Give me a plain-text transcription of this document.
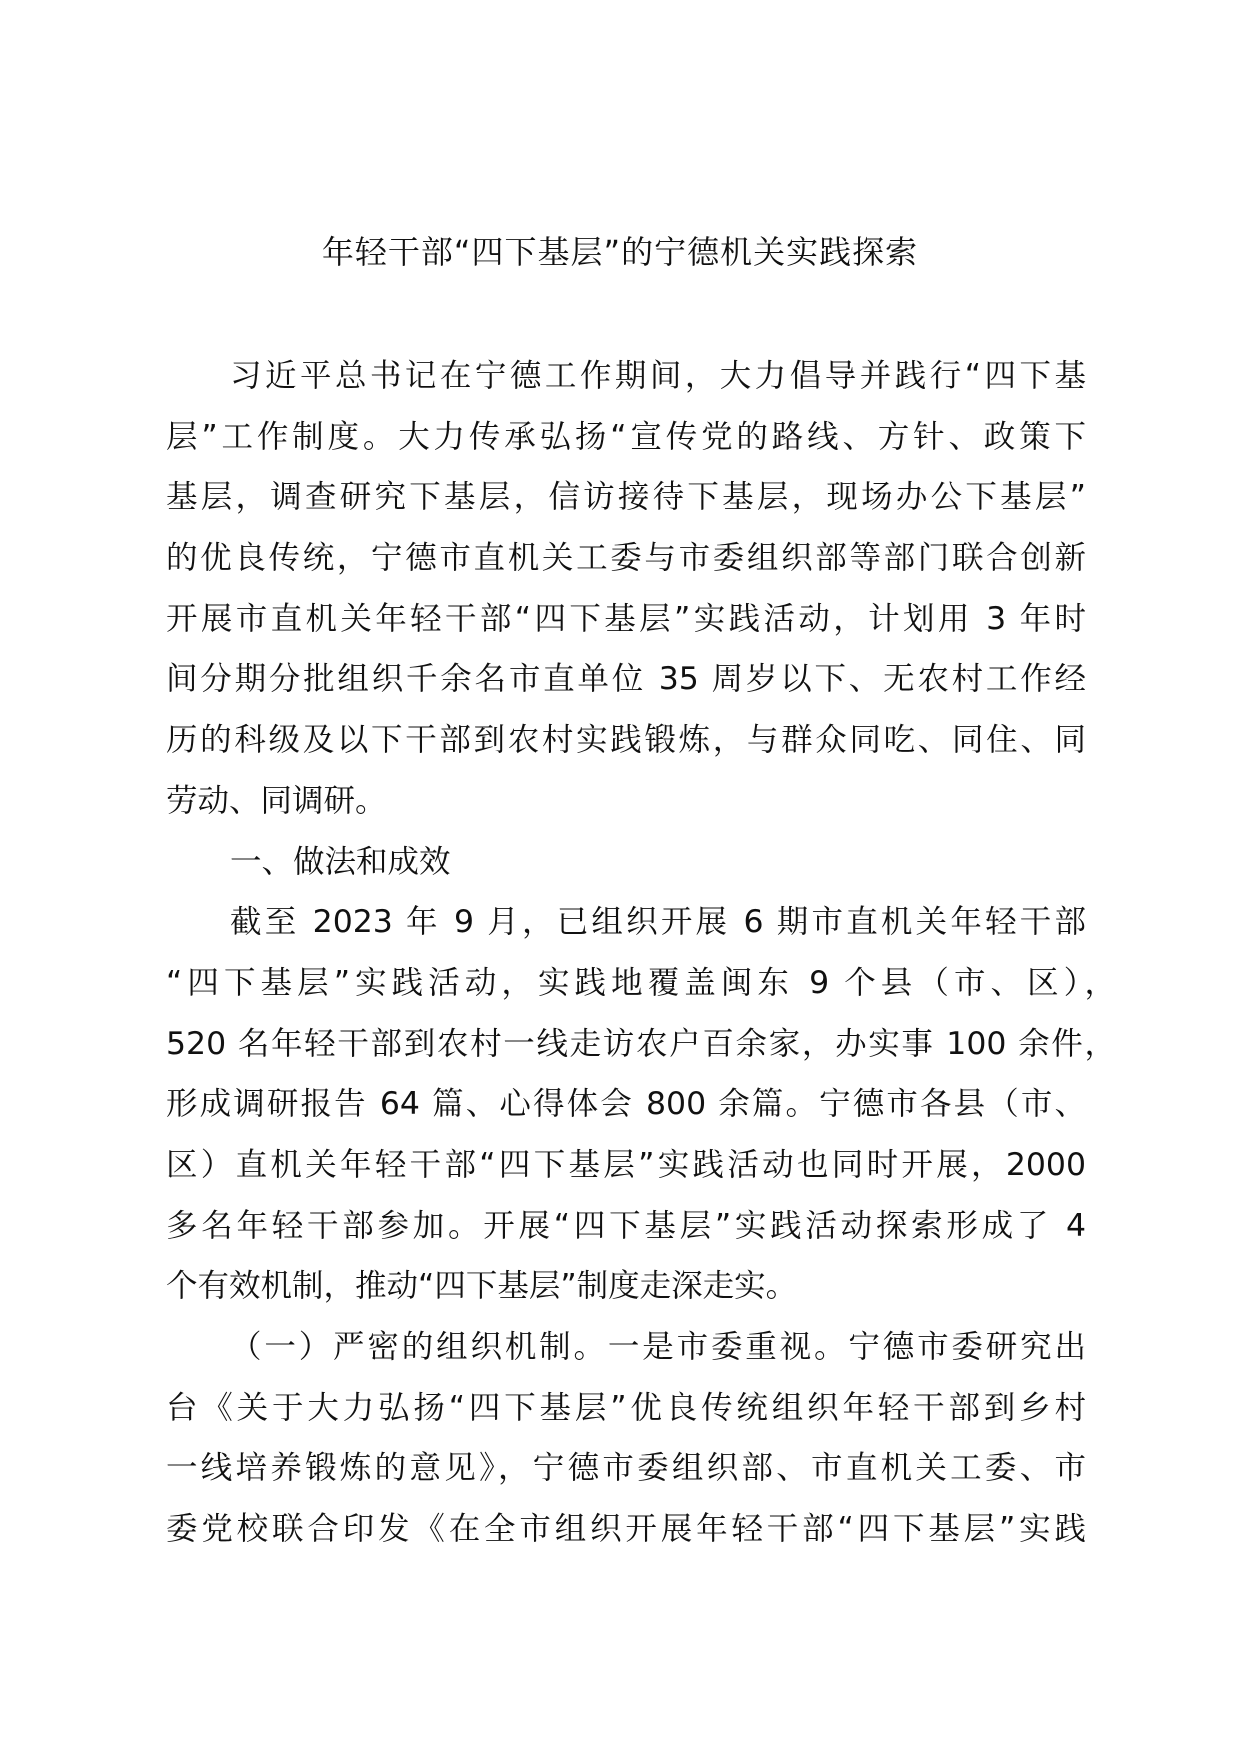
年轻干部“四下基层”的宁德机关实践探索
习近平总书记在宁德工作期间，大力倡导并践行“四下基
层”工作制度。大力传承弘扬“宣传党的路线、方针、政策下
基层，调查研究下基层，信访接待下基层，现场办公下基层”
的优良传统，宁德市直机关工委与市委组织部等部门联合创新
开展市直机关年轻干部“四下基层”实践活动，计划用 3 年时
间分期分批组织千余名市直单位 35 周岁以下、无农村工作经
历的科级及以下干部到农村实践锻炼，与群众同吃、同住、同
劳动、同调研。
一、做法和成效
截至 2023 年 9 月，已组织开展 6 期市直机关年轻干部
“四下基层”实践活动，实践地覆盖闽东 9 个县（市、区），
520 名年轻干部到农村一线走访农户百余家，办实事 100 余件，
形成调研报告 64 篇、心得体会 800 余篇。宁德市各县（市、
区）直机关年轻干部“四下基层”实践活动也同时开展，2000
多名年轻干部参加。开展“四下基层”实践活动探索形成了 4
个有效机制，推动“四下基层”制度走深走实。
（一）严密的组织机制。一是市委重视。宁德市委研究出
台《关于大力弘扬“四下基层”优良传统组织年轻干部到乡村
一线培养锻炼的意见》，宁德市委组织部、市直机关工委、市
委党校联合印发《在全市组织开展年轻干部“四下基层”实践
